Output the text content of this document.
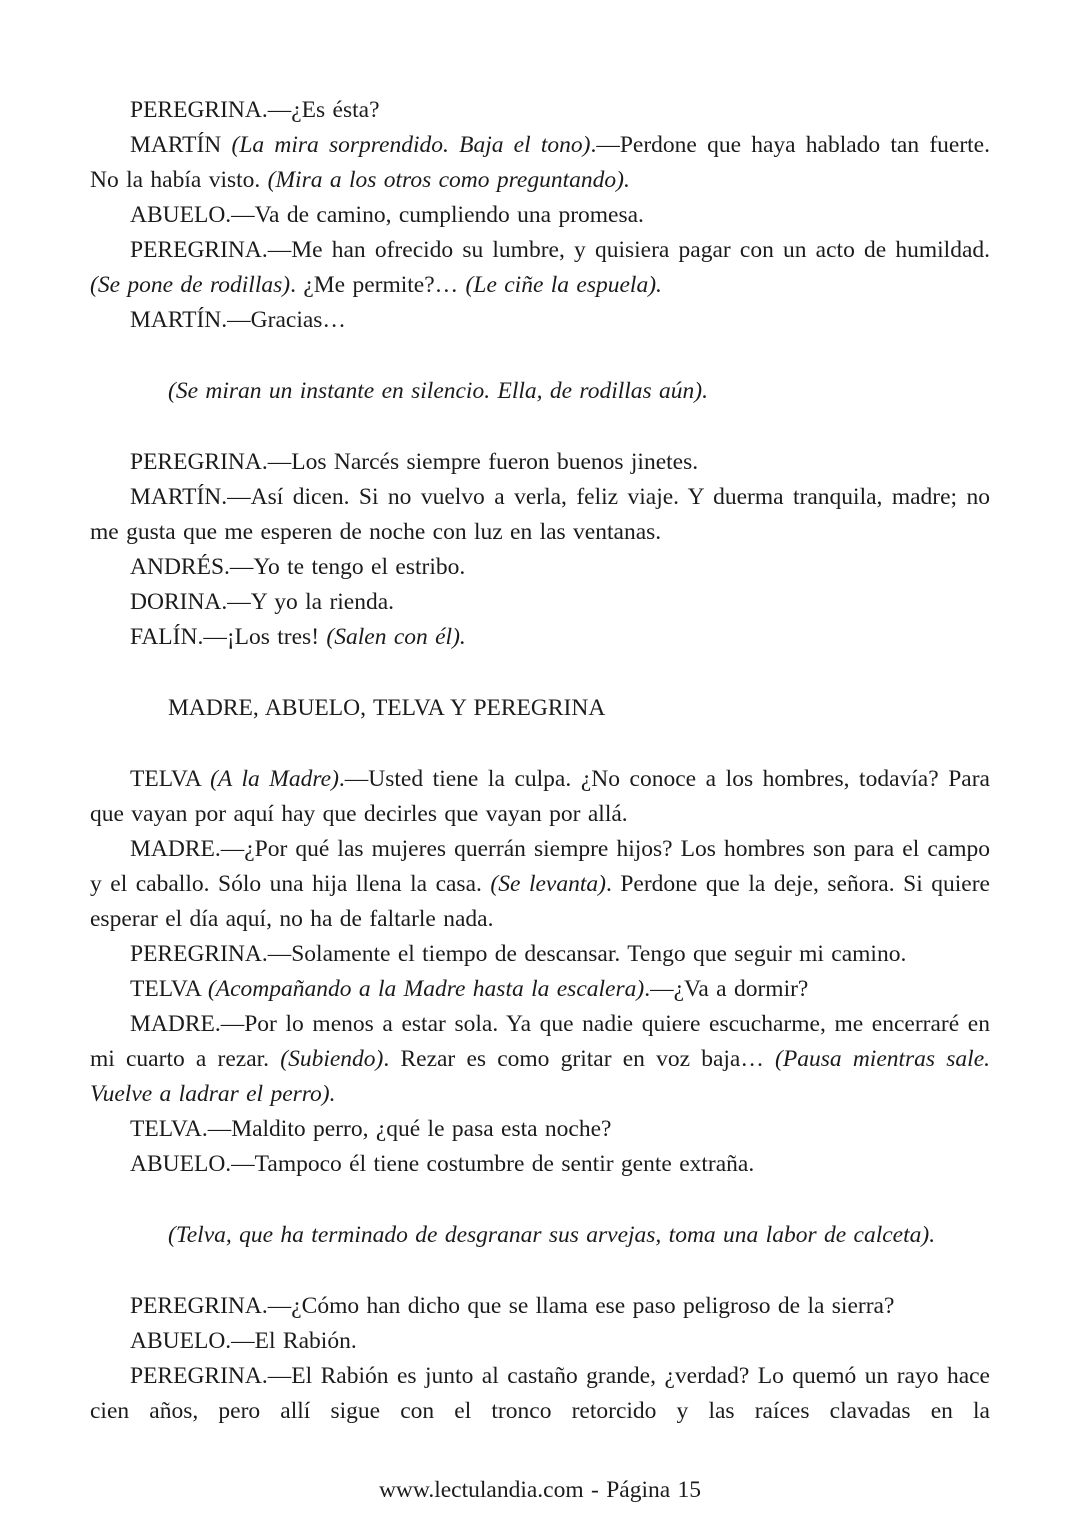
PEREGRINA.—¿Es ésta?

MARTÍN (La mira sorprendido. Baja el tono).—Perdone que haya hablado tan fuerte. No la había visto. (Mira a los otros como preguntando).

ABUELO.—Va de camino, cumpliendo una promesa.

PEREGRINA.—Me han ofrecido su lumbre, y quisiera pagar con un acto de humildad. (Se pone de rodillas). ¿Me permite?… (Le ciñe la espuela).

MARTÍN.—Gracias…

(Se miran un instante en silencio. Ella, de rodillas aún).

PEREGRINA.—Los Narcés siempre fueron buenos jinetes.

MARTÍN.—Así dicen. Si no vuelvo a verla, feliz viaje. Y duerma tranquila, madre; no me gusta que me esperen de noche con luz en las ventanas.

ANDRÉS.—Yo te tengo el estribo.

DORINA.—Y yo la rienda.

FALÍN.—¡Los tres! (Salen con él).

MADRE, ABUELO, TELVA Y PEREGRINA

TELVA (A la Madre).—Usted tiene la culpa. ¿No conoce a los hombres, todavía? Para que vayan por aquí hay que decirles que vayan por allá.

MADRE.—¿Por qué las mujeres querrán siempre hijos? Los hombres son para el campo y el caballo. Sólo una hija llena la casa. (Se levanta). Perdone que la deje, señora. Si quiere esperar el día aquí, no ha de faltarle nada.

PEREGRINA.—Solamente el tiempo de descansar. Tengo que seguir mi camino.

TELVA (Acompañando a la Madre hasta la escalera).—¿Va a dormir?

MADRE.—Por lo menos a estar sola. Ya que nadie quiere escucharme, me encerraré en mi cuarto a rezar. (Subiendo). Rezar es como gritar en voz baja… (Pausa mientras sale. Vuelve a ladrar el perro).

TELVA.—Maldito perro, ¿qué le pasa esta noche?

ABUELO.—Tampoco él tiene costumbre de sentir gente extraña.

(Telva, que ha terminado de desgranar sus arvejas, toma una labor de calceta).

PEREGRINA.—¿Cómo han dicho que se llama ese paso peligroso de la sierra?

ABUELO.—El Rabión.

PEREGRINA.—El Rabión es junto al castaño grande, ¿verdad? Lo quemó un rayo hace cien años, pero allí sigue con el tronco retorcido y las raíces clavadas en la

www.lectulandia.com - Página 15
